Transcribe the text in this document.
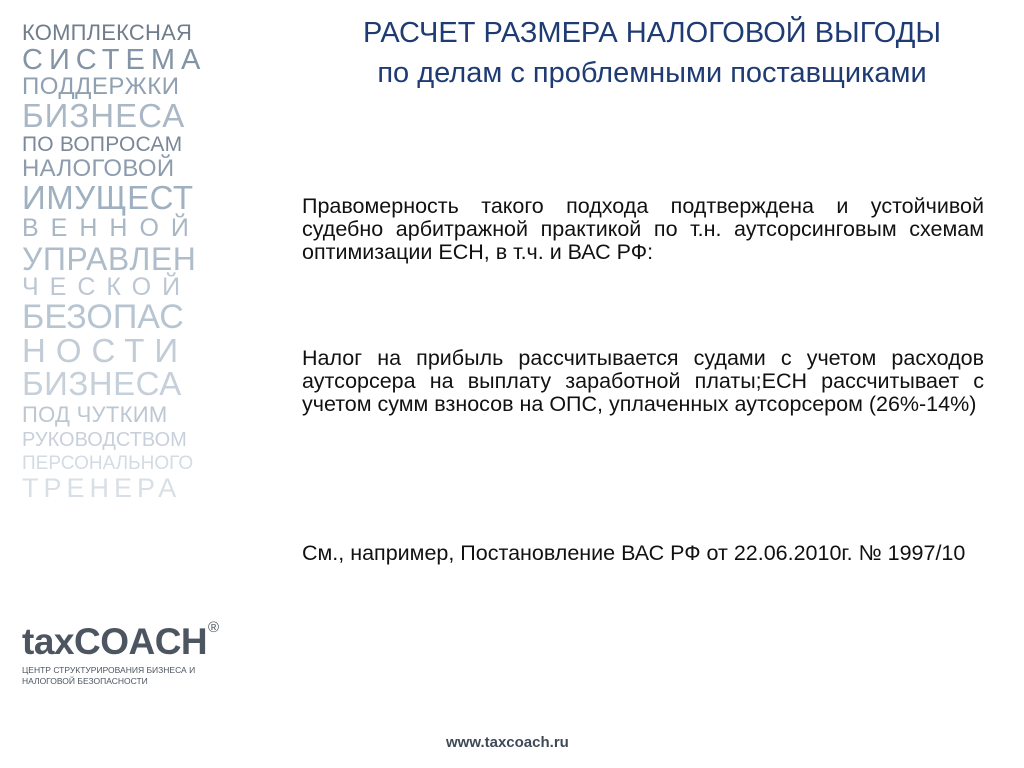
КОМПЛЕКСНАЯ
СИСТЕМА
ПОДДЕРЖКИ
БИЗНЕСА
ПО ВОПРОСАМ
НАЛОГОВОЙ
ИМУЩЕСТ
ВЕННОЙ
УПРАВЛЕН
ЧЕСКОЙ
БЕЗОПАС
НОСТИ
БИЗНЕСА
ПОД ЧУТКИМ
РУКОВОДСТВОМ
ПЕРСОНАЛЬНОГО
ТРЕНЕРА
РАСЧЕТ РАЗМЕРА НАЛОГОВОЙ ВЫГОДЫ
по делам с проблемными поставщиками
Правомерность такого подхода подтверждена и устойчивой судебно арбитражной практикой по т.н. аутсорсинговым схемам оптимизации ЕСН, в т.ч. и ВАС РФ:
Налог на прибыль рассчитывается судами с учетом расходов аутсорсера на выплату заработной платы;ЕСН рассчитывает с учетом сумм взносов на ОПС, уплаченных аутсорсером (26%-14%)
См., например, Постановление ВАС РФ от 22.06.2010г. № 1997/10
taxCOACH ®
ЦЕНТР СТРУКТУРИРОВАНИЯ БИЗНЕСА И
НАЛОГОВОЙ БЕЗОПАСНОСТИ
www.taxcoach.ru
